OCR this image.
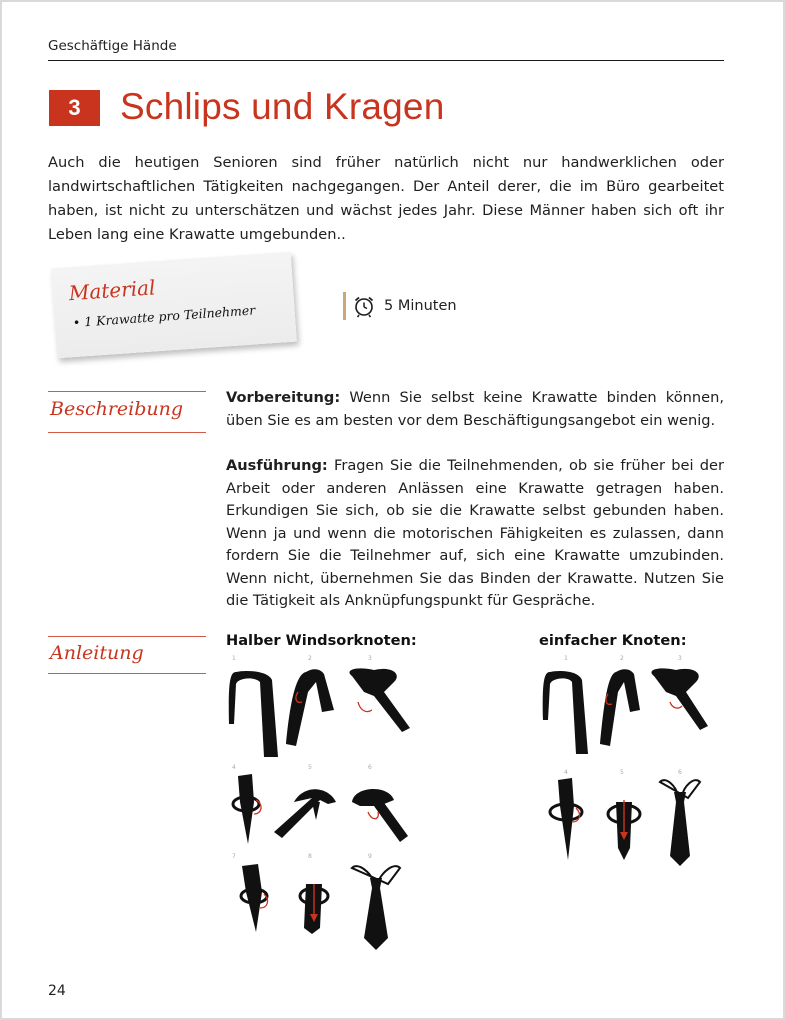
Geschäftige Hände
3	Schlips und Kragen
Auch die heutigen Senioren sind früher natürlich nicht nur handwerklichen oder landwirtschaftlichen Tätigkeiten nachgegangen. Der Anteil derer, die im Büro gearbeitet haben, ist nicht zu unterschätzen und wächst jedes Jahr. Diese Männer haben sich oft ihr Leben lang eine Krawatte umgebunden..
Material
• 1 Krawatte pro Teilnehmer	5 Minuten
Beschreibung
Vorbereitung: Wenn Sie selbst keine Krawatte binden können, üben Sie es am besten vor dem Beschäftigungsangebot ein wenig.
Ausführung: Fragen Sie die Teilnehmenden, ob sie früher bei der Arbeit oder anderen Anlässen eine Krawatte getragen haben. Erkundigen Sie sich, ob sie die Krawatte selbst gebunden haben. Wenn ja und wenn die motorischen Fähigkeiten es zulassen, dann fordern Sie die Teilnehmer auf, sich eine Krawatte umzubinden. Wenn nicht, übernehmen Sie das Binden der Krawatte. Nutzen Sie die Tätigkeit als Anknüpfungspunkt für Gespräche.
Anleitung
Halber Windsorknoten:	einfacher Knoten:
1	2	3
4	5	6
7	8	9
1	2	3
4	5	6
24
